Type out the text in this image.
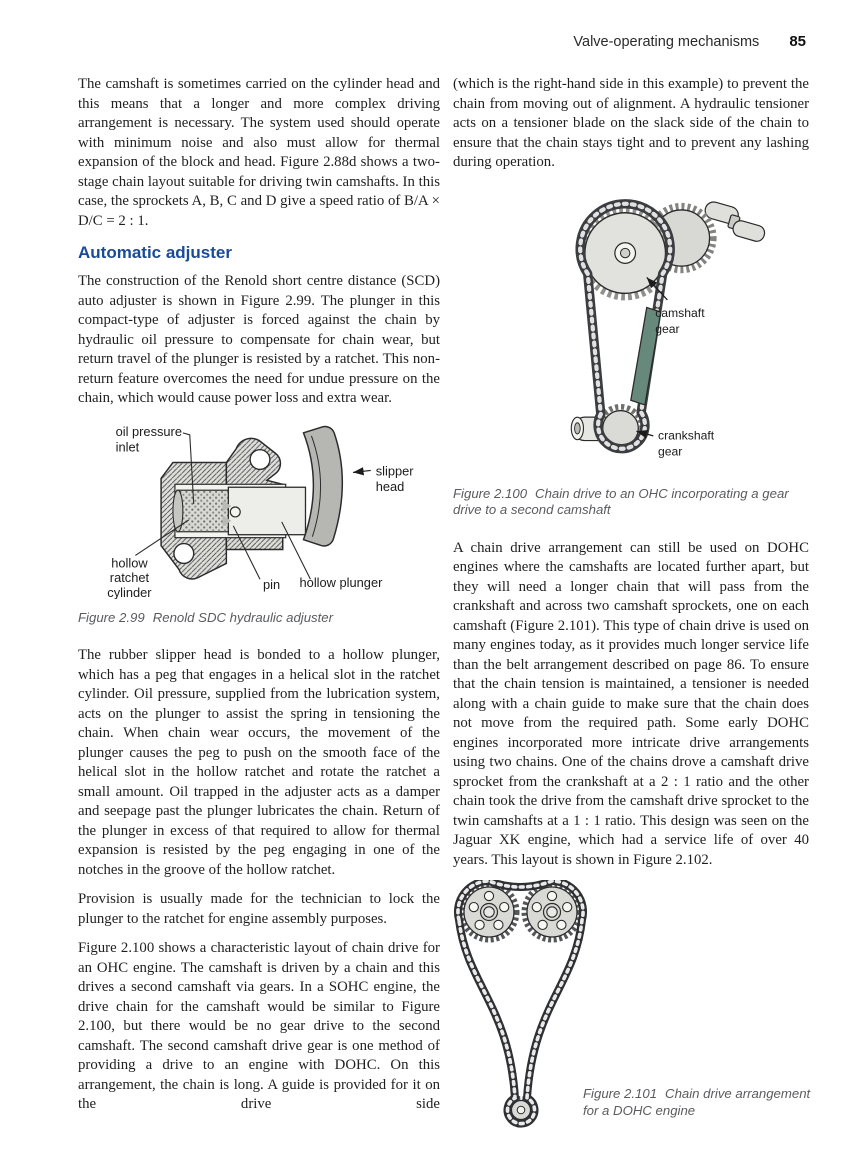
Valve-operating mechanisms 85

The camshaft is sometimes carried on the cylinder head and this means that a longer and more complex driving arrangement is necessary. The system used should operate with minimum noise and also must allow for thermal expansion of the block and head. Figure 2.88d shows a two-stage chain layout suitable for driving twin camshafts. In this case, the sprockets A, B, C and D give a speed ratio of B/A × D/C = 2 : 1.

Automatic adjuster

The construction of the Renold short centre distance (SCD) auto adjuster is shown in Figure 2.99. The plunger in this compact-type of adjuster is forced against the chain by hydraulic oil pressure to compensate for chain wear, but return travel of the plunger is resisted by a ratchet. This non-return feature overcomes the need for undue pressure on the chain, which would cause power loss and extra wear.

oil pressure
inlet
slipper
head
hollow
ratchet
cylinder
pin hollow plunger
Figure 2.99 Renold SDC hydraulic adjuster

The rubber slipper head is bonded to a hollow plunger, which has a peg that engages in a helical slot in the ratchet cylinder. Oil pressure, supplied from the lubrication system, acts on the plunger to assist the spring in tensioning the chain. When chain wear occurs, the movement of the plunger causes the peg to push on the smooth face of the helical slot in the hollow ratchet and rotate the ratchet a small amount. Oil trapped in the adjuster acts as a damper and seepage past the plunger lubricates the chain. Return of the plunger in excess of that required to allow for thermal expansion is resisted by the peg engaging in one of the notches in the groove of the hollow ratchet.

Provision is usually made for the technician to lock the plunger to the ratchet for engine assembly purposes.

Figure 2.100 shows a characteristic layout of chain drive for an OHC engine. The camshaft is driven by a chain and this drives a second camshaft via gears. In a SOHC engine, the drive chain for the camshaft would be similar to Figure 2.100, but there would be no gear drive to the second camshaft. The second camshaft drive gear is one method of providing a drive to an engine with DOHC. On this arrangement, the chain is long. A guide is provided for it on the drive side

(which is the right-hand side in this example) to prevent the chain from moving out of alignment. A hydraulic tensioner acts on a tensioner blade on the slack side of the chain to ensure that the chain stays tight and to prevent any lashing during operation.

camshaft
gear
crankshaft
gear
Figure 2.100 Chain drive to an OHC incorporating a gear drive to a second camshaft

A chain drive arrangement can still be used on DOHC engines where the camshafts are located further apart, but they will need a longer chain that will pass from the crankshaft and across two camshaft sprockets, one on each camshaft (Figure 2.101). This type of chain drive is used on many engines today, as it provides much longer service life than the belt arrangement described on page 86. To ensure that the chain tension is maintained, a tensioner is needed along with a chain guide to make sure that the chain does not move from the required path. Some early DOHC engines incorporated more intricate drive arrangements using two chains. One of the chains drove a camshaft drive sprocket from the crankshaft at a 2 : 1 ratio and the other chain took the drive from the camshaft drive sprocket to the twin camshafts at a 1 : 1 ratio. This design was seen on the Jaguar XK engine, which had a service life of over 40 years. This layout is shown in Figure 2.102.

Figure 2.101 Chain drive arrangement for a DOHC engine
